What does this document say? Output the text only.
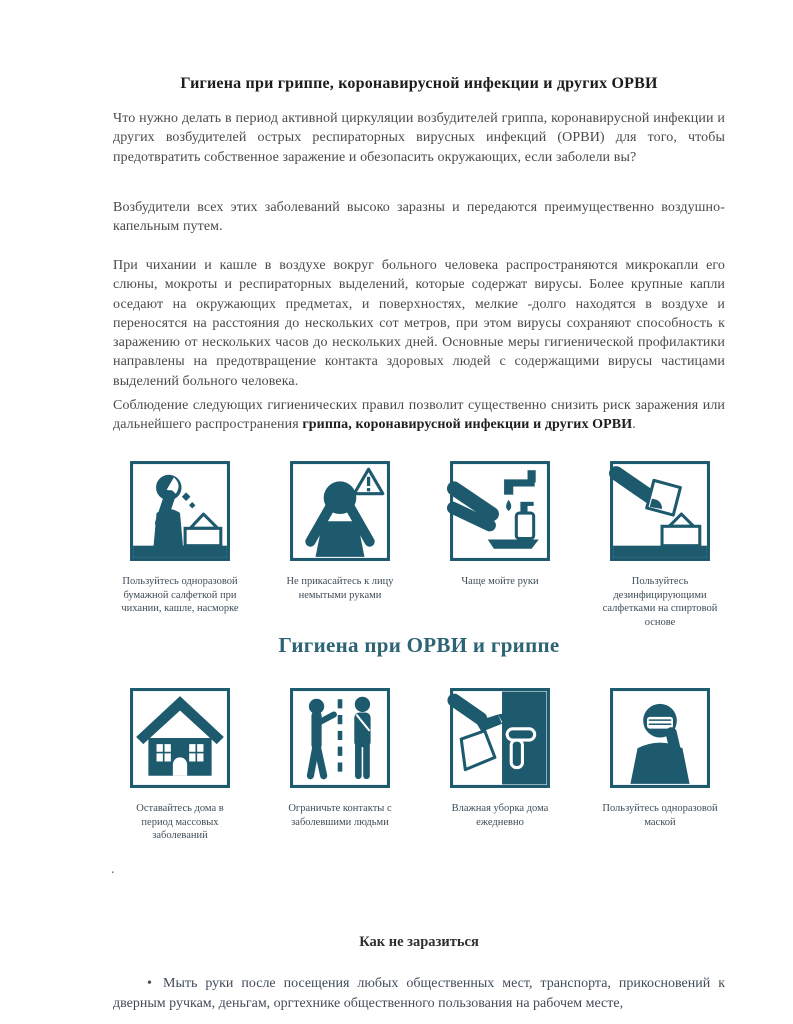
Гигиена при гриппе, коронавирусной инфекции и других ОРВИ
Что нужно делать в период активной циркуляции возбудителей гриппа, коронавирусной инфекции и других возбудителей острых респираторных вирусных инфекций (ОРВИ) для того, чтобы предотвратить собственное заражение и обезопасить окружающих, если заболели вы?
Возбудители всех этих заболеваний высоко заразны и передаются преимущественно воздушно-капельным путем.
При чихании и кашле в воздухе вокруг больного человека распространяются микрокапли его слюны, мокроты и респираторных выделений, которые содержат вирусы. Более крупные капли оседают на окружающих предметах, и поверхностях, мелкие -долго находятся в воздухе и переносятся на расстояния до нескольких сот метров, при этом вирусы сохраняют способность к заражению от нескольких часов до нескольких дней. Основные меры гигиенической профилактики направлены на предотвращение контакта здоровых людей с содержащими вирусы частицами выделений больного человека.
Соблюдение следующих гигиенических правил позволит существенно снизить риск заражения или дальнейшего распространения гриппа, коронавирусной инфекции и других ОРВИ.
Пользуйтесь одноразовой бумажной салфеткой при чихании, кашле, насморке
Не прикасайтесь к лицу немытыми руками
Чаще мойте руки	Пользуйтесь дезинфицирующими салфетками на спиртовой основе
Гигиена при ОРВИ и гриппе
Оставайтесь дома в период массовых заболеваний
Ограничьте контакты с заболевшими людьми
Влажная уборка дома ежедневно
Пользуйтесь одноразовой маской
.
Как не заразиться
• Мыть руки после посещения любых общественных мест, транспорта, прикосновений к дверным ручкам, деньгам, оргтехнике общественного пользования на рабочем месте,
